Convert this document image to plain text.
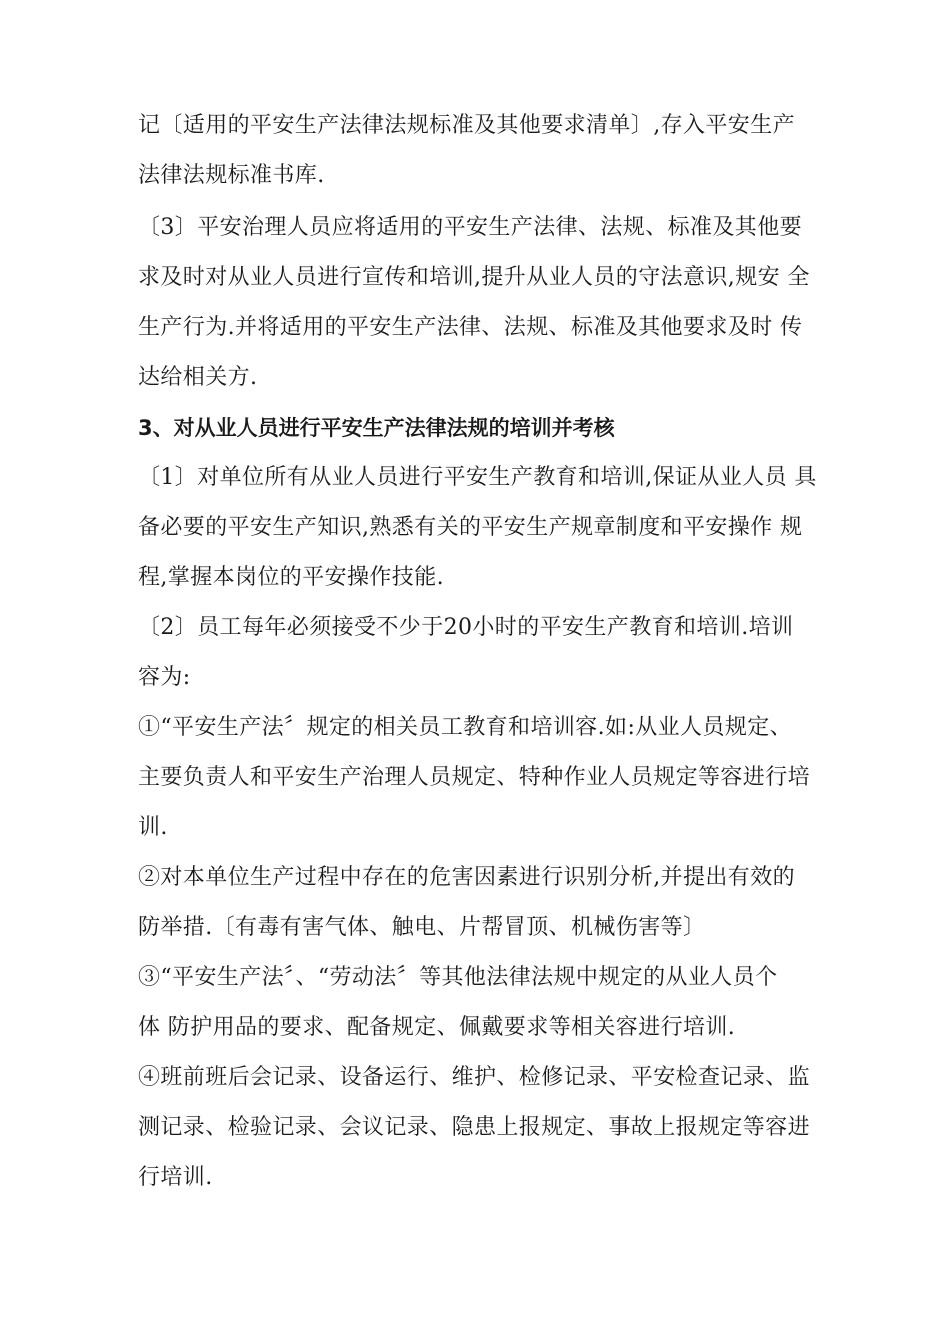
记〔适用的平安生产法律法规标准及其他要求清单〕,存入平安生产
法律法规标准书库.
〔3〕平安治理人员应将适用的平安生产法律、法规、标准及其他要
求及时对从业人员进行宣传和培训,提升从业人员的守法意识,规安 全
生产行为.并将适用的平安生产法律、法规、标准及其他要求及时 传
达给相关方.
3、对从业人员进行平安生产法律法规的培训并考核
〔1〕对单位所有从业人员进行平安生产教育和培训,保证从业人员 具
备必要的平安生产知识,熟悉有关的平安生产规章制度和平安操作 规
程,掌握本岗位的平安操作技能.
〔2〕员工每年必须接受不少于20小时的平安生产教育和培训.培训
容为:
①“平安生产法〞规定的相关员工教育和培训容.如:从业人员规定、
主要负责人和平安生产治理人员规定、特种作业人员规定等容进行培
训.
②对本单位生产过程中存在的危害因素进行识别分析,并提出有效的
防举措.〔有毒有害气体、触电、片帮冒顶、机械伤害等〕
③“平安生产法〞、“劳动法〞等其他法律法规中规定的从业人员个
体 防护用品的要求、配备规定、佩戴要求等相关容进行培训.
④班前班后会记录、设备运行、维护、检修记录、平安检查记录、监
测记录、检验记录、会议记录、隐患上报规定、事故上报规定等容进
行培训.
